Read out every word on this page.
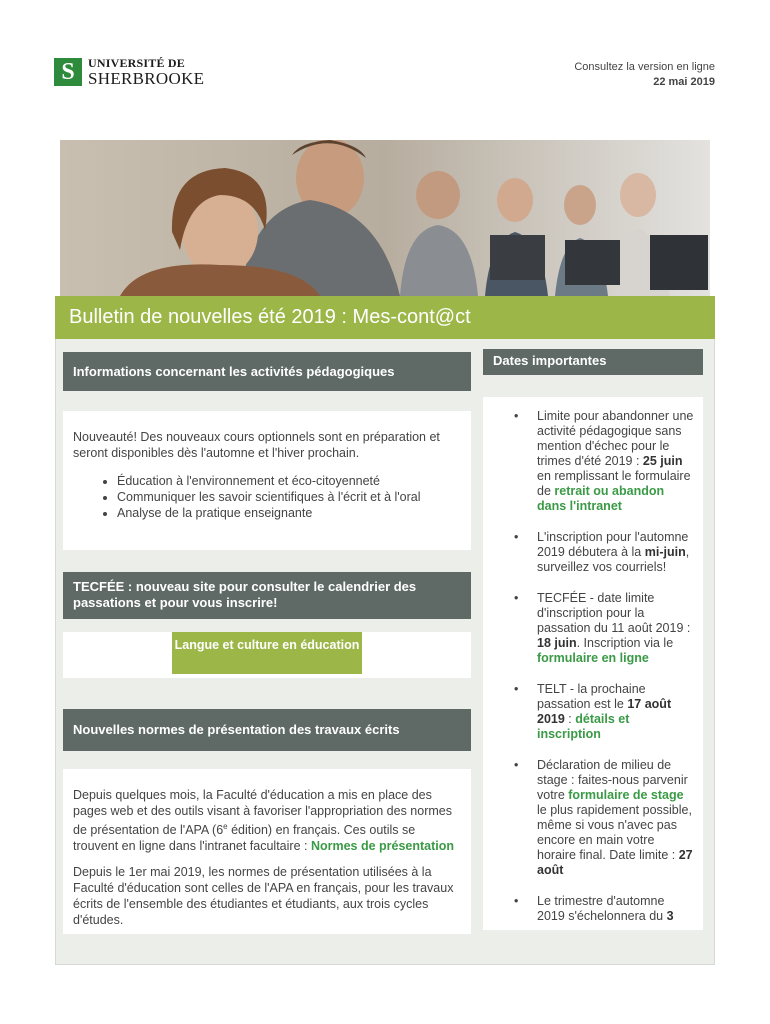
S	UNIVERSITÉ DE
SHERBROOKE
Consultez la version en ligne
22 mai 2019
Bulletin de nouvelles été 2019 : Mes-cont@ct
Informations concernant les activités pédagogiques
Nouveauté! Des nouveaux cours optionnels sont en préparation et seront disponibles dès l'automne et l'hiver prochain.
• Éducation à l'environnement et éco-citoyenneté
• Communiquer les savoir scientifiques à l'écrit et à l'oral
• Analyse de la pratique enseignante
TECFÉE : nouveau site pour consulter le calendrier des passations et pour vous inscrire!
Langue et culture en éducation
Nouvelles normes de présentation des travaux écrits
Depuis quelques mois, la Faculté d'éducation a mis en place des pages web et des outils visant à favoriser l'appropriation des normes de présentation de l'APA (6e édition) en français. Ces outils se trouvent en ligne dans l'intranet facultaire : Normes de présentation
Depuis le 1er mai 2019, les normes de présentation utilisées à la Faculté d'éducation sont celles de l'APA en français, pour les travaux écrits de l'ensemble des étudiantes et étudiants, aux trois cycles d'études.
Dates importantes
• Limite pour abandonner une activité pédagogique sans mention d'échec pour le trimes d'été 2019 : 25 juin en remplissant le formulaire de retrait ou abandon dans l'intranet
• L'inscription pour l'automne 2019 débutera à la mi-juin, surveillez vos courriels!
• TECFÉE - date limite d'inscription pour la passation du 11 août 2019 : 18 juin. Inscription via le formulaire en ligne
• TELT - la prochaine passation est le 17 août 2019 : détails et inscription
• Déclaration de milieu de stage : faites-nous parvenir votre formulaire de stage le plus rapidement possible, même si vous n'avec pas encore en main votre horaire final. Date limite : 27 août
• Le trimestre d'automne 2019 s'échelonnera du 3
